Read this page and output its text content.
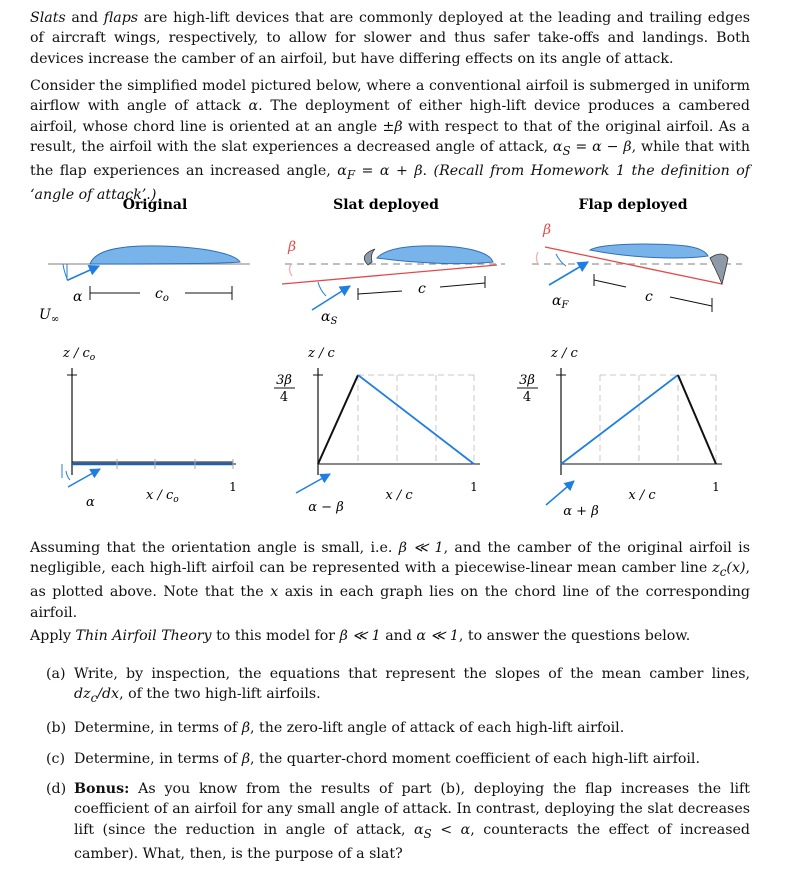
Slats and flaps are high-lift devices that are commonly deployed at the leading and trailing edges of aircraft wings, respectively, to allow for slower and thus safer take-offs and landings. Both devices increase the camber of an airfoil, but have differing effects on its angle of attack.

Consider the simplified model pictured below, where a conventional airfoil is submerged in uniform airflow with angle of attack α. The deployment of either high-lift device produces a cambered airfoil, whose chord line is oriented at an angle ±β with respect to that of the original airfoil. As a result, the airfoil with the slat experiences a decreased angle of attack, $\alpha_S = \alpha - \beta$, while that with the flap experiences an increased angle, $\alpha_F = \alpha + \beta$. (Recall from Homework 1 the definition of ‘angle of attack’.)

Original	Slat deployed	Flap deployed
α	$c_o$
$U_\infty$
β
$\alpha_S$
c
β
$\alpha_F$
c
z / $c_o$
1
α	x / $c_o$
z / c
3β
4
1
α − β
x / c
z / c
3β
4
1
α + β
x / c

Assuming that the orientation angle is small, i.e. β ≪ 1, and the camber of the original airfoil is negligible, each high-lift airfoil can be represented with a piecewise-linear mean camber line $z_c(x)$, as plotted above. Note that the x axis in each graph lies on the chord line of the corresponding airfoil.

Apply Thin Airfoil Theory to this model for β ≪ 1 and α ≪ 1, to answer the questions below.

(a) Write, by inspection, the equations that represent the slopes of the mean camber lines, $dz_c/dx$, of the two high-lift airfoils.
(b) Determine, in terms of β, the zero-lift angle of attack of each high-lift airfoil.
(c) Determine, in terms of β, the quarter-chord moment coefficient of each high-lift airfoil.
(d) Bonus: As you know from the results of part (b), deploying the flap increases the lift coefficient of an airfoil for any small angle of attack. In contrast, deploying the slat decreases lift (since the reduction in angle of attack, $\alpha_S < \alpha$, counteracts the effect of increased camber). What, then, is the purpose of a slat?
